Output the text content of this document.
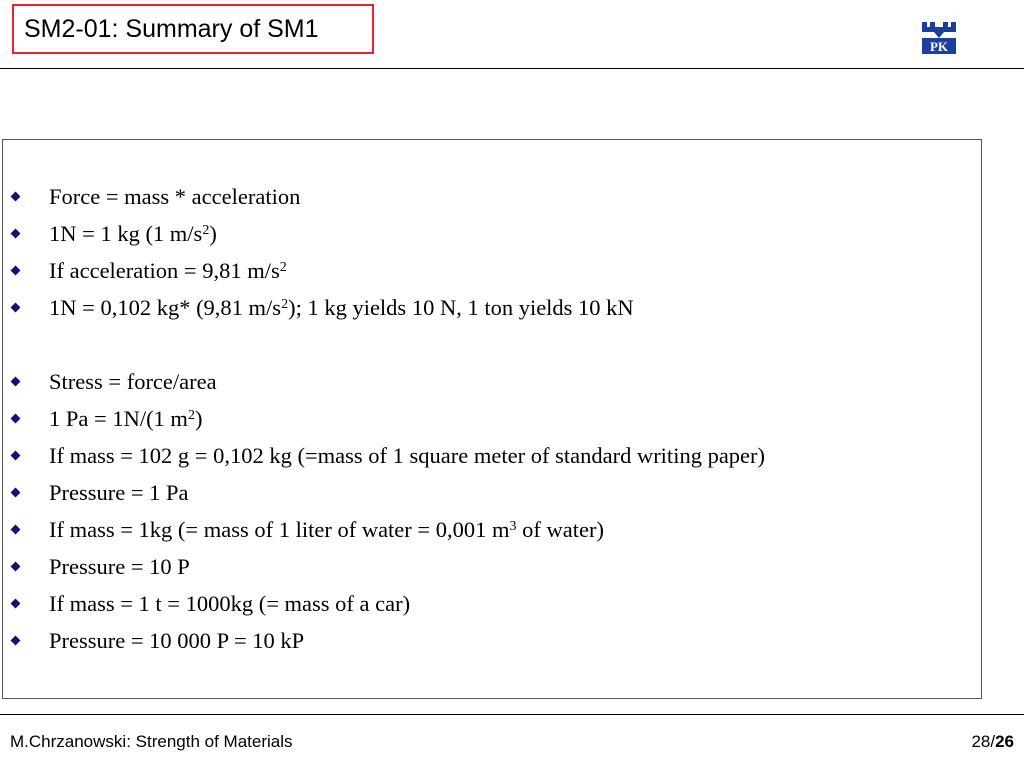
SM2-01: Summary of SM1
PK
Force = mass * acceleration
1N = 1 kg (1 $m/s^2$)
If acceleration = 9,81 $m/s^2$
1N = 0,102 kg* (9,81 $m/s^2$); 1 kg yields 10 N, 1 ton yields 10 kN
Stress = force/area
1 Pa = 1N/(1 $m^2$)
If mass = 102 g = 0,102 kg (=mass of 1 square meter of standard writing paper)
Pressure = 1 Pa
If mass = 1kg (= mass of 1 liter of water = 0,001 $m^3$ of water)
Pressure = 10 P
If mass = 1 t = 1000kg (= mass of a car)
Pressure = 10 000 P = 10 kP
M.Chrzanowski: Strength of Materials	28/26
